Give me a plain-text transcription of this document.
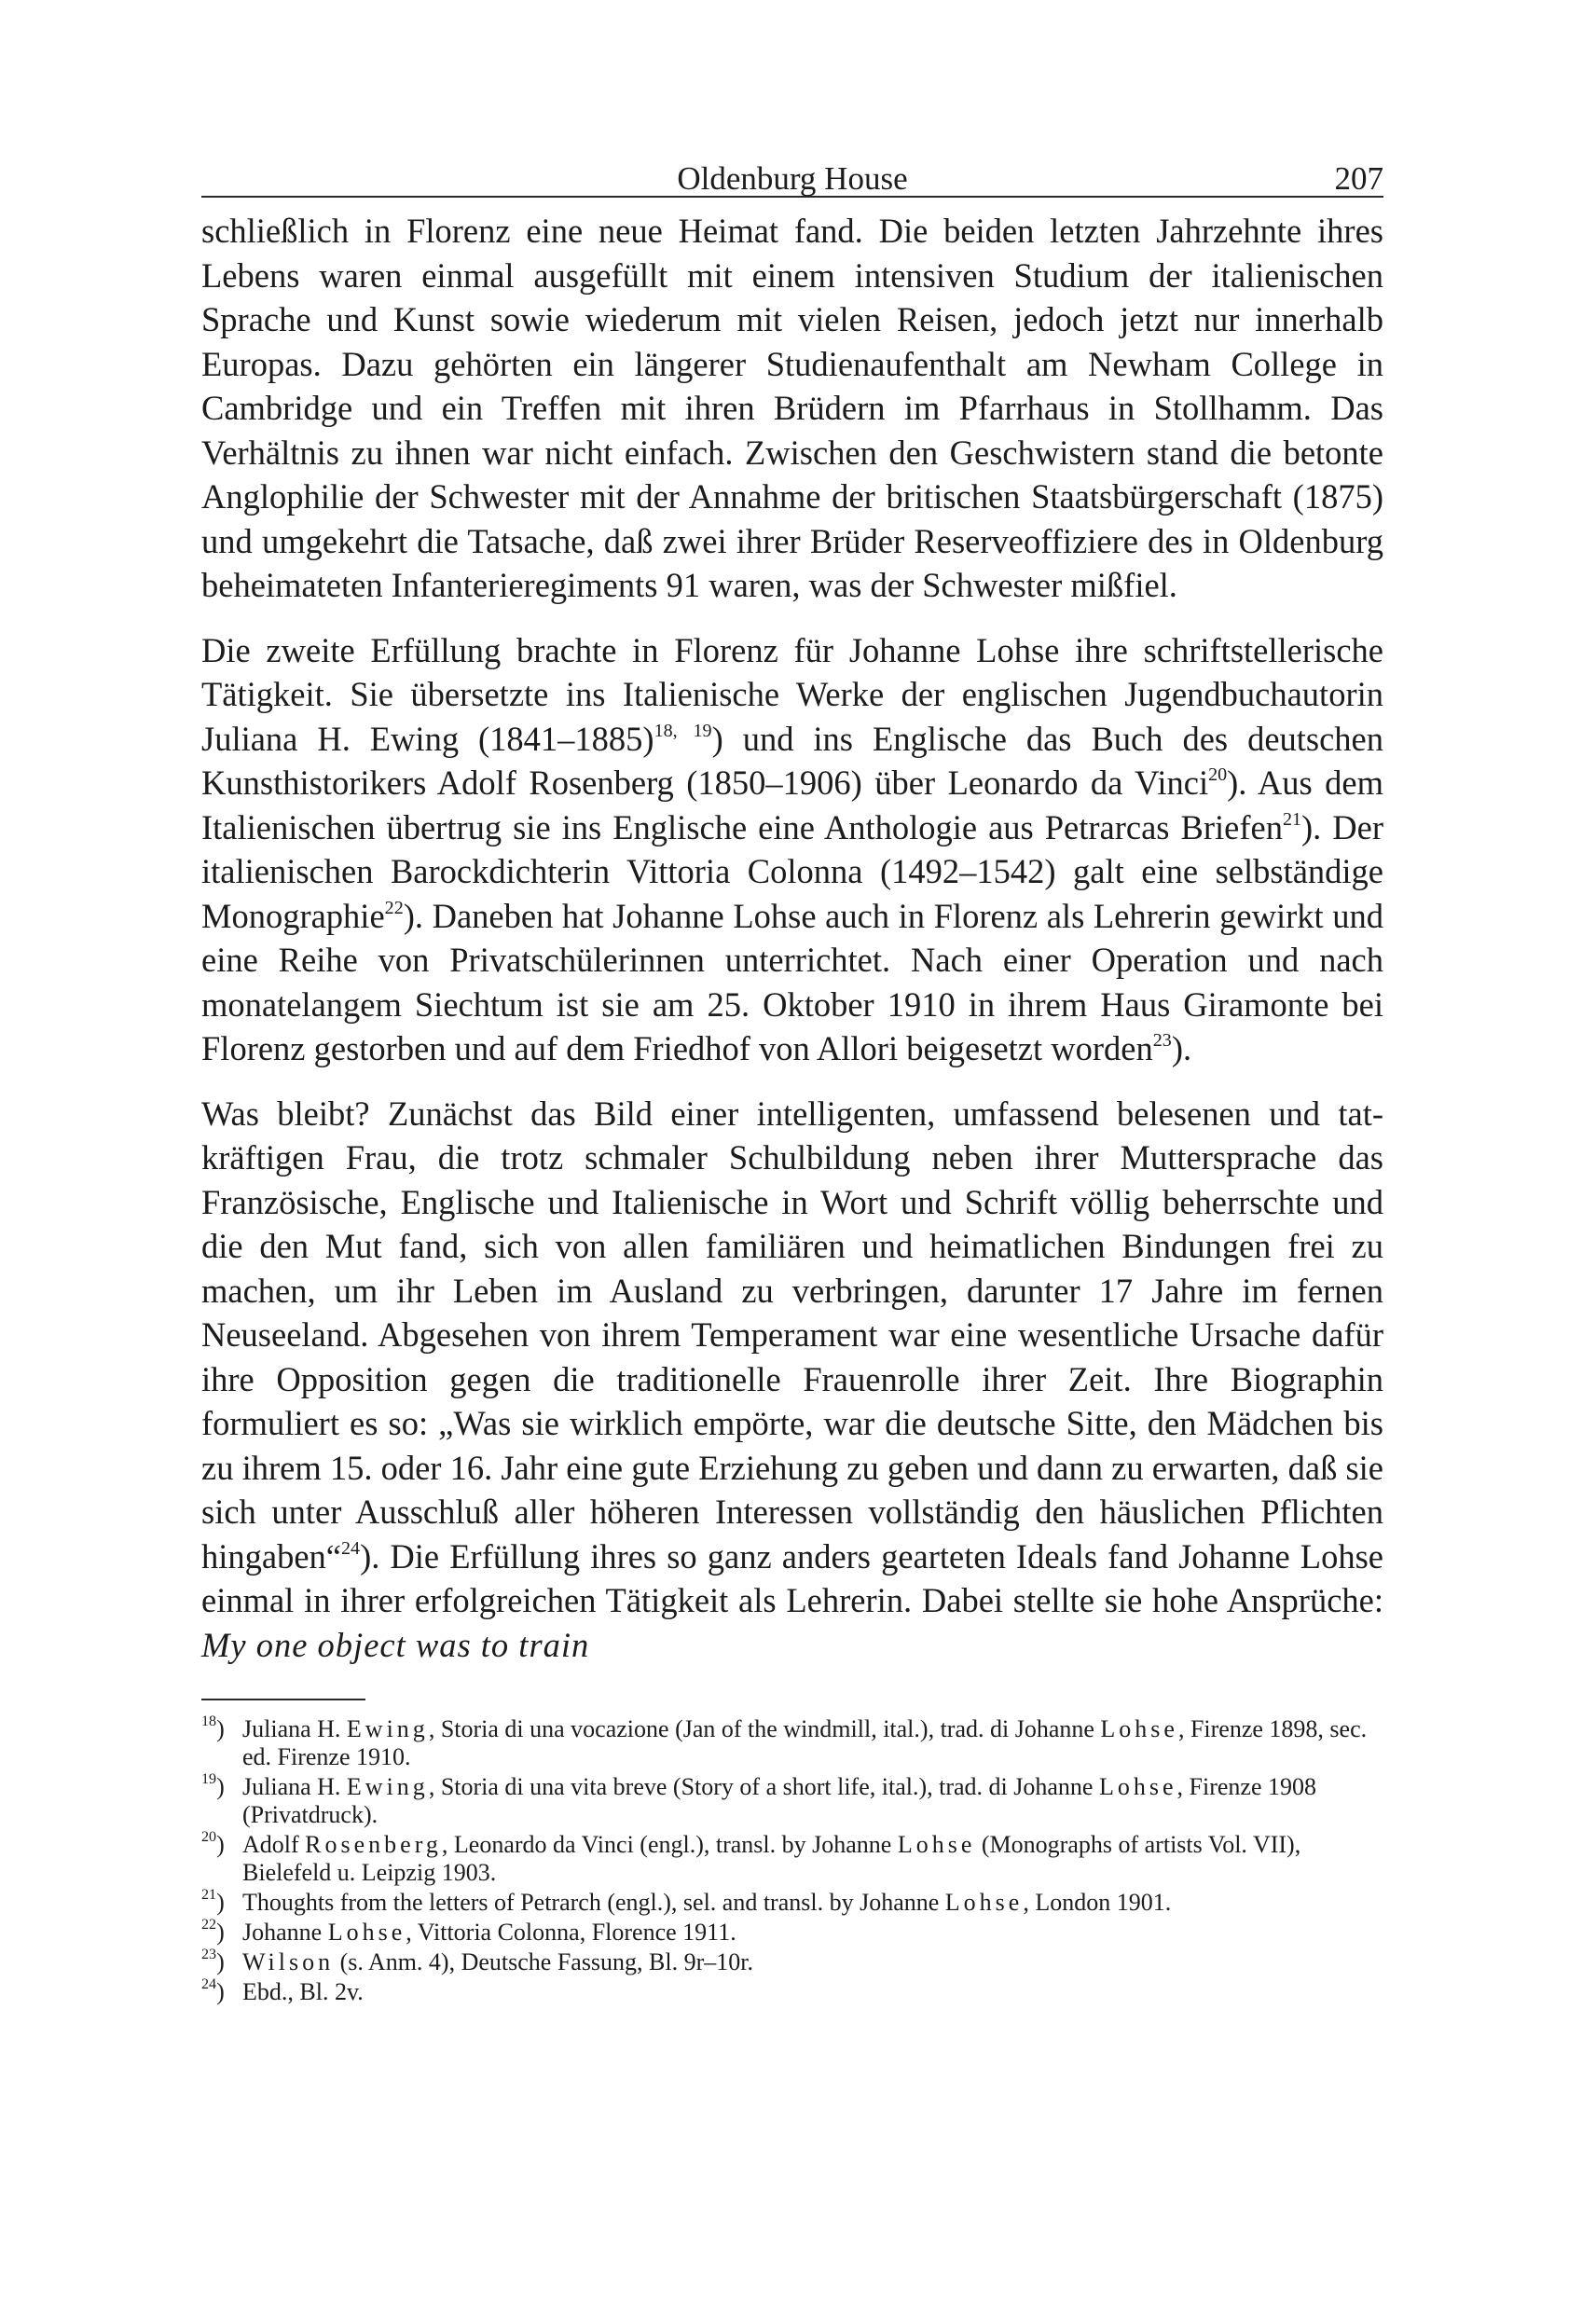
Oldenburg House	207

schließlich in Florenz eine neue Heimat fand. Die beiden letzten Jahrzehnte ihres Lebens waren einmal ausgefüllt mit einem intensiven Studium der italienischen Sprache und Kunst sowie wiederum mit vielen Reisen, jedoch jetzt nur innerhalb Europas. Dazu gehörten ein längerer Studienaufenthalt am Newham College in Cambridge und ein Treffen mit ihren Brüdern im Pfarrhaus in Stollhamm. Das Verhältnis zu ihnen war nicht einfach. Zwischen den Geschwistern stand die betonte Anglophilie der Schwester mit der Annahme der britischen Staatsbürgerschaft (1875) und umgekehrt die Tatsache, daß zwei ihrer Brüder Reserveoffiziere des in Oldenburg beheimateten Infanterieregiments 91 waren, was der Schwester mißfiel.

Die zweite Erfüllung brachte in Florenz für Johanne Lohse ihre schriftstellerische Tätigkeit. Sie übersetzte ins Italienische Werke der englischen Jugendbuchautorin Juliana H. Ewing (1841–1885)$^{18, 19}$) und ins Englische das Buch des deutschen Kunsthistorikers Adolf Rosenberg (1850–1906) über Leonardo da Vinci$^{20}$). Aus dem Italienischen übertrug sie ins Englische eine Anthologie aus Petrarcas Briefen$^{21}$). Der italienischen Barockdichterin Vittoria Colonna (1492–1542) galt eine selbständige Monographie$^{22}$). Daneben hat Johanne Lohse auch in Florenz als Lehrerin gewirkt und eine Reihe von Privatschülerinnen unterrichtet. Nach einer Operation und nach monatelangem Siechtum ist sie am 25. Oktober 1910 in ihrem Haus Giramonte bei Florenz gestorben und auf dem Friedhof von Allori beigesetzt worden$^{23}$).

Was bleibt? Zunächst das Bild einer intelligenten, umfassend belesenen und tatkräftigen Frau, die trotz schmaler Schulbildung neben ihrer Muttersprache das Französische, Englische und Italienische in Wort und Schrift völlig beherrschte und die den Mut fand, sich von allen familiären und heimatlichen Bindungen frei zu machen, um ihr Leben im Ausland zu verbringen, darunter 17 Jahre im fernen Neuseeland. Abgesehen von ihrem Temperament war eine wesentliche Ursache dafür ihre Opposition gegen die traditionelle Frauenrolle ihrer Zeit. Ihre Biographin formuliert es so: „Was sie wirklich empörte, war die deutsche Sitte, den Mädchen bis zu ihrem 15. oder 16. Jahr eine gute Erziehung zu geben und dann zu erwarten, daß sie sich unter Ausschluß aller höheren Interessen vollständig den häuslichen Pflichten hingaben“$^{24}$). Die Erfüllung ihres so ganz anders gearteten Ideals fand Johanne Lohse einmal in ihrer erfolgreichen Tätigkeit als Lehrerin. Dabei stellte sie hohe Ansprüche: My one object was to train

$^{18}$) Juliana H. Ewing, Storia di una vocazione (Jan of the windmill, ital.), trad. di Johanne Lohse, Firenze 1898, sec. ed. Firenze 1910.
$^{19}$) Juliana H. Ewing, Storia di una vita breve (Story of a short life, ital.), trad. di Johanne Lohse, Firenze 1908 (Privatdruck).
$^{20}$) Adolf Rosenberg, Leonardo da Vinci (engl.), transl. by Johanne Lohse (Monographs of artists Vol. VII), Bielefeld u. Leipzig 1903.
$^{21}$) Thoughts from the letters of Petrarch (engl.), sel. and transl. by Johanne Lohse, London 1901.
$^{22}$) Johanne Lohse, Vittoria Colonna, Florence 1911.
$^{23}$) Wilson (s. Anm. 4), Deutsche Fassung, Bl. 9r–10r.
$^{24}$) Ebd., Bl. 2v.
